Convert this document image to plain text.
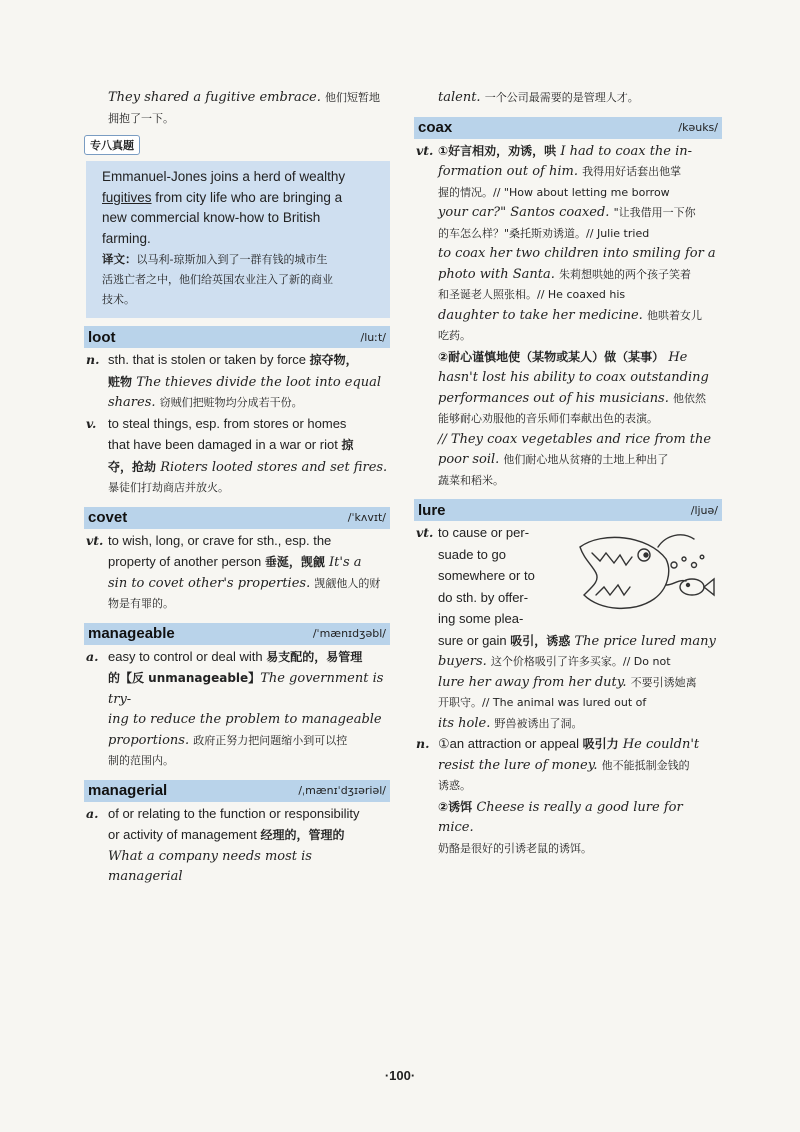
They shared a fugitive embrace. 他们短暂地
拥抱了一下。
专八真题
Emmanuel-Jones joins a herd of wealthy
fugitives from city life who are bringing a
new commercial know-how to British
farming.
译文：以马利-琼斯加入到了一群有钱的城市生
活逃亡者之中，他们给英国农业注入了新的商业
技术。
loot	/luːt/
n. sth. that is stolen or taken by force 掠夺物，
赃物 The thieves divide the loot into equal
shares. 窃贼们把赃物均分成若干份。
v. to steal things, esp. from stores or homes
that have been damaged in a war or riot 掠
夺，抢劫 Rioters looted stores and set fires.
暴徒们打劫商店并放火。
covet	/ˈkʌvɪt/
vt. to wish, long, or crave for sth., esp. the
property of another person 垂涎，觊觎 It's a
sin to covet other's properties. 觊觎他人的财
物是有罪的。
manageable	/ˈmænɪdʒəbl/
a. easy to control or deal with 易支配的，易管理
的【反 unmanageable】The government is try-
ing to reduce the problem to manageable
proportions. 政府正努力把问题缩小到可以控
制的范围内。
managerial	/ˌmænɪˈdʒɪəriəl/
a. of or relating to the function or responsibility
or activity of management 经理的，管理的
What a company needs most is managerial
talent. 一个公司最需要的是管理人才。
coax	/kəuks/
vt. ①好言相劝，劝诱，哄 I had to coax the in-
formation out of him. 我得用好话套出他掌
握的情况。// "How about letting me borrow
your car?" Santos coaxed. "让我借用一下你
的车怎么样？"桑托斯劝诱道。// Julie tried
to coax her two children into smiling for a
photo with Santa. 朱莉想哄她的两个孩子笑着
和圣诞老人照张相。// He coaxed his
daughter to take her medicine. 他哄着女儿
吃药。
②耐心谨慎地使（某物或某人）做（某事） He
hasn't lost his ability to coax outstanding
performances out of his musicians. 他依然
能够耐心劝服他的音乐师们奉献出色的表演。
// They coax vegetables and rice from the
poor soil. 他们耐心地从贫瘠的土地上种出了
蔬菜和稻米。
lure	/ljuə/
vt. to cause or per-
suade to go
somewhere or to
do sth. by offer-
ing some plea-
sure or gain 吸引，诱惑 The price lured many
buyers. 这个价格吸引了许多买家。// Do not
lure her away from her duty. 不要引诱她离
开职守。// The animal was lured out of
its hole. 野兽被诱出了洞。
n. ①an attraction or appeal 吸引力 He couldn't
resist the lure of money. 他不能抵制金钱的
诱惑。
②诱饵 Cheese is really a good lure for mice.
奶酪是很好的引诱老鼠的诱饵。
·100·
